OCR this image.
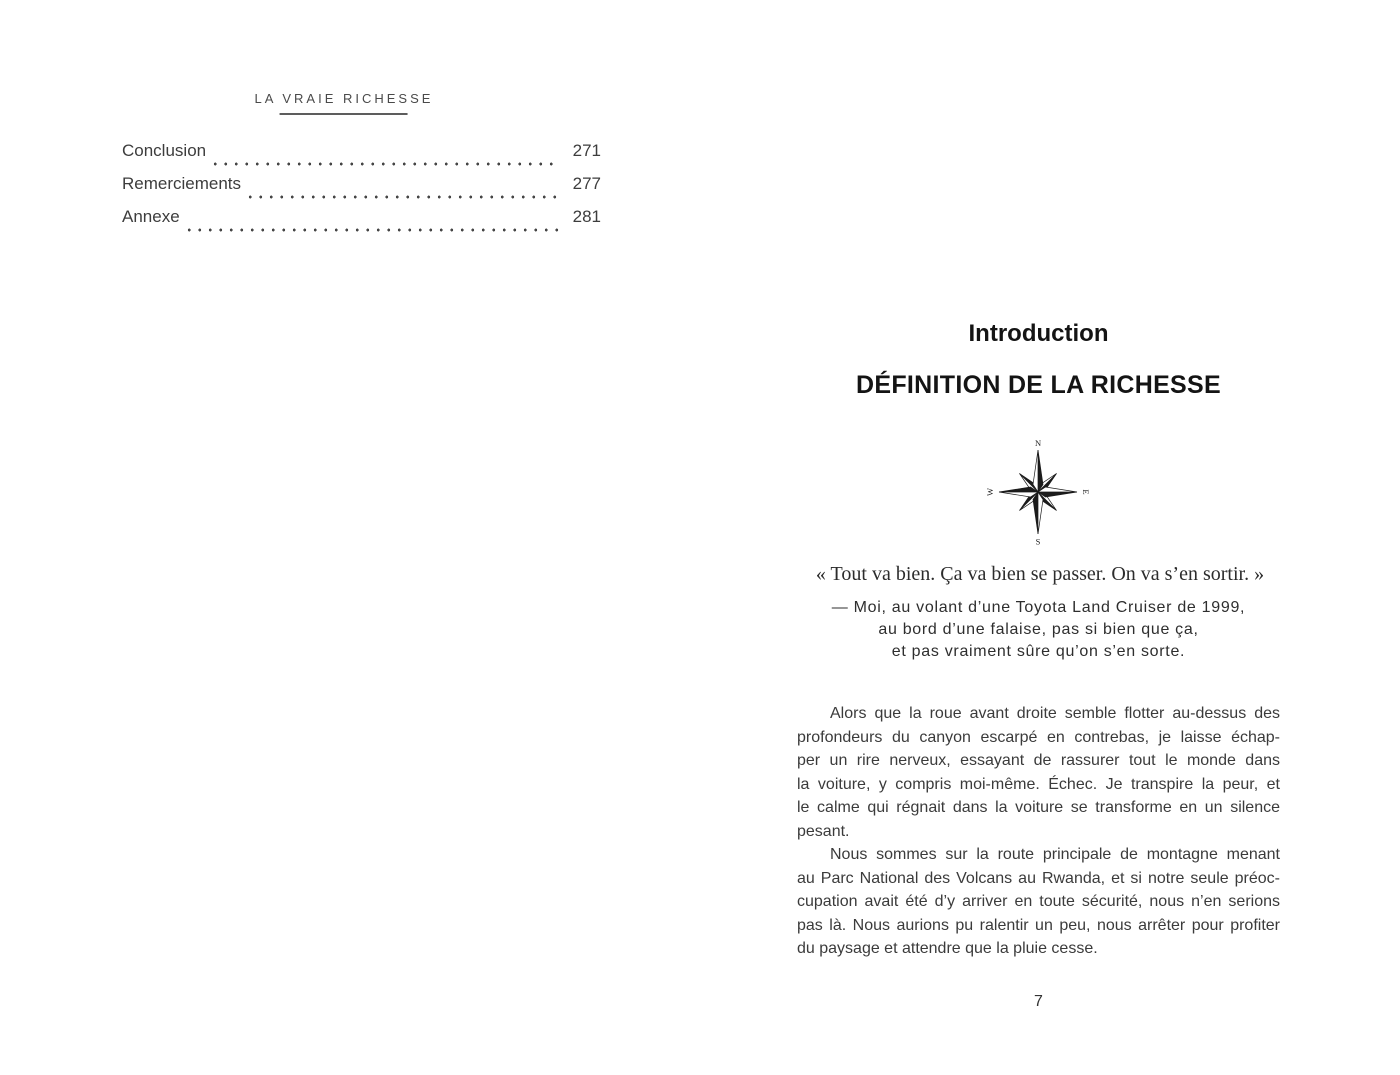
LA VRAIE RICHESSE
Conclusion	271
Remerciements	277
Annexe	281
Introduction
DÉFINITION DE LA RICHESSE
N
S
W	E
« Tout va bien. Ça va bien se passer. On va s’en sortir. »
— Moi, au volant d’une Toyota Land Cruiser de 1999,
au bord d’une falaise, pas si bien que ça,
et pas vraiment sûre qu’on s’en sorte.
Alors que la roue avant droite semble flotter au-dessus des
profondeurs du canyon escarpé en contrebas, je laisse échap-
per un rire nerveux, essayant de rassurer tout le monde dans
la voiture, y compris moi-même. Échec. Je transpire la peur, et
le calme qui régnait dans la voiture se transforme en un silence
pesant.
Nous sommes sur la route principale de montagne menant
au Parc National des Volcans au Rwanda, et si notre seule préoc-
cupation avait été d’y arriver en toute sécurité, nous n’en serions
pas là. Nous aurions pu ralentir un peu, nous arrêter pour profiter
du paysage et attendre que la pluie cesse.
7
